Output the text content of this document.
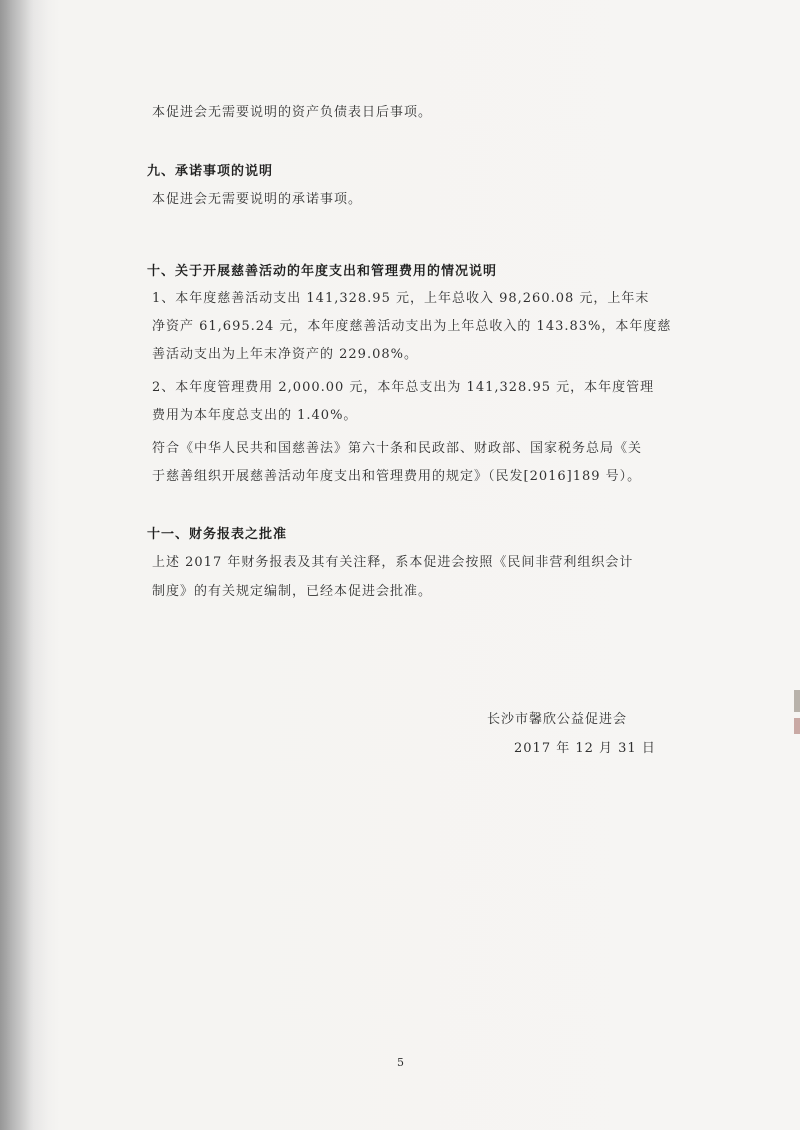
本促进会无需要说明的资产负债表日后事项。
九、承诺事项的说明
本促进会无需要说明的承诺事项。
十、关于开展慈善活动的年度支出和管理费用的情况说明
1、本年度慈善活动支出 141,328.95 元，上年总收入 98,260.08 元，上年末
净资产 61,695.24 元，本年度慈善活动支出为上年总收入的 143.83%，本年度慈
善活动支出为上年末净资产的 229.08%。
2、本年度管理费用 2,000.00 元，本年总支出为 141,328.95 元，本年度管理
费用为本年度总支出的 1.40%。
符合《中华人民共和国慈善法》第六十条和民政部、财政部、国家税务总局《关
于慈善组织开展慈善活动年度支出和管理费用的规定》（民发[2016]189 号）。
十一、财务报表之批准
上述 2017 年财务报表及其有关注释，系本促进会按照《民间非营利组织会计
制度》的有关规定编制，已经本促进会批准。
长沙市馨欣公益促进会
2017 年 12 月 31 日
5
